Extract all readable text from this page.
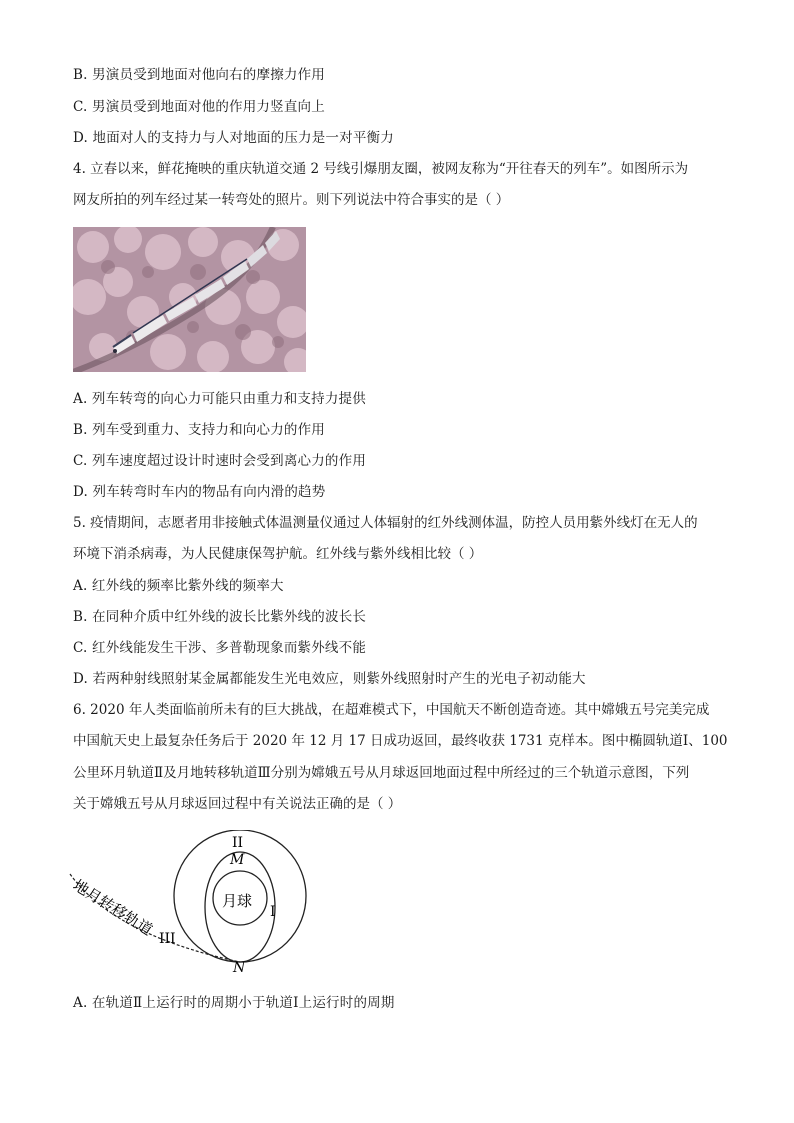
B. 男演员受到地面对他向右的摩擦力作用
C. 男演员受到地面对他的作用力竖直向上
D. 地面对人的支持力与人对地面的压力是一对平衡力
4. 立春以来，鲜花掩映的重庆轨道交通 2 号线引爆朋友圈，被网友称为“开往春天的列车”。如图所示为
网友所拍的列车经过某一转弯处的照片。则下列说法中符合事实的是（ ）
A. 列车转弯的向心力可能只由重力和支持力提供
B. 列车受到重力、支持力和向心力的作用
C. 列车速度超过设计时速时会受到离心力的作用
D. 列车转弯时车内的物品有向内滑的趋势
5. 疫情期间，志愿者用非接触式体温测量仪通过人体辐射的红外线测体温，防控人员用紫外线灯在无人的
环境下消杀病毒，为人民健康保驾护航。红外线与紫外线相比较（ ）
A. 红外线的频率比紫外线的频率大
B. 在同种介质中红外线的波长比紫外线的波长长
C. 红外线能发生干涉、多普勒现象而紫外线不能
D. 若两种射线照射某金属都能发生光电效应，则紫外线照射时产生的光电子初动能大
6. 2020 年人类面临前所未有的巨大挑战，在超难模式下，中国航天不断创造奇迹。其中嫦娥五号完美完成
中国航天史上最复杂任务后于 2020 年 12 月 17 日成功返回，最终收获 1731 克样本。图中椭圆轨道Ⅰ、100
公里环月轨道Ⅱ及月地转移轨道Ⅲ分别为嫦娥五号从月球返回地面过程中所经过的三个轨道示意图，下列
关于嫦娥五号从月球返回过程中有关说法正确的是（ ）
II
M
月球
I
地月转移轨道 III
N
A. 在轨道Ⅱ上运行时的周期小于轨道Ⅰ上运行时的周期
